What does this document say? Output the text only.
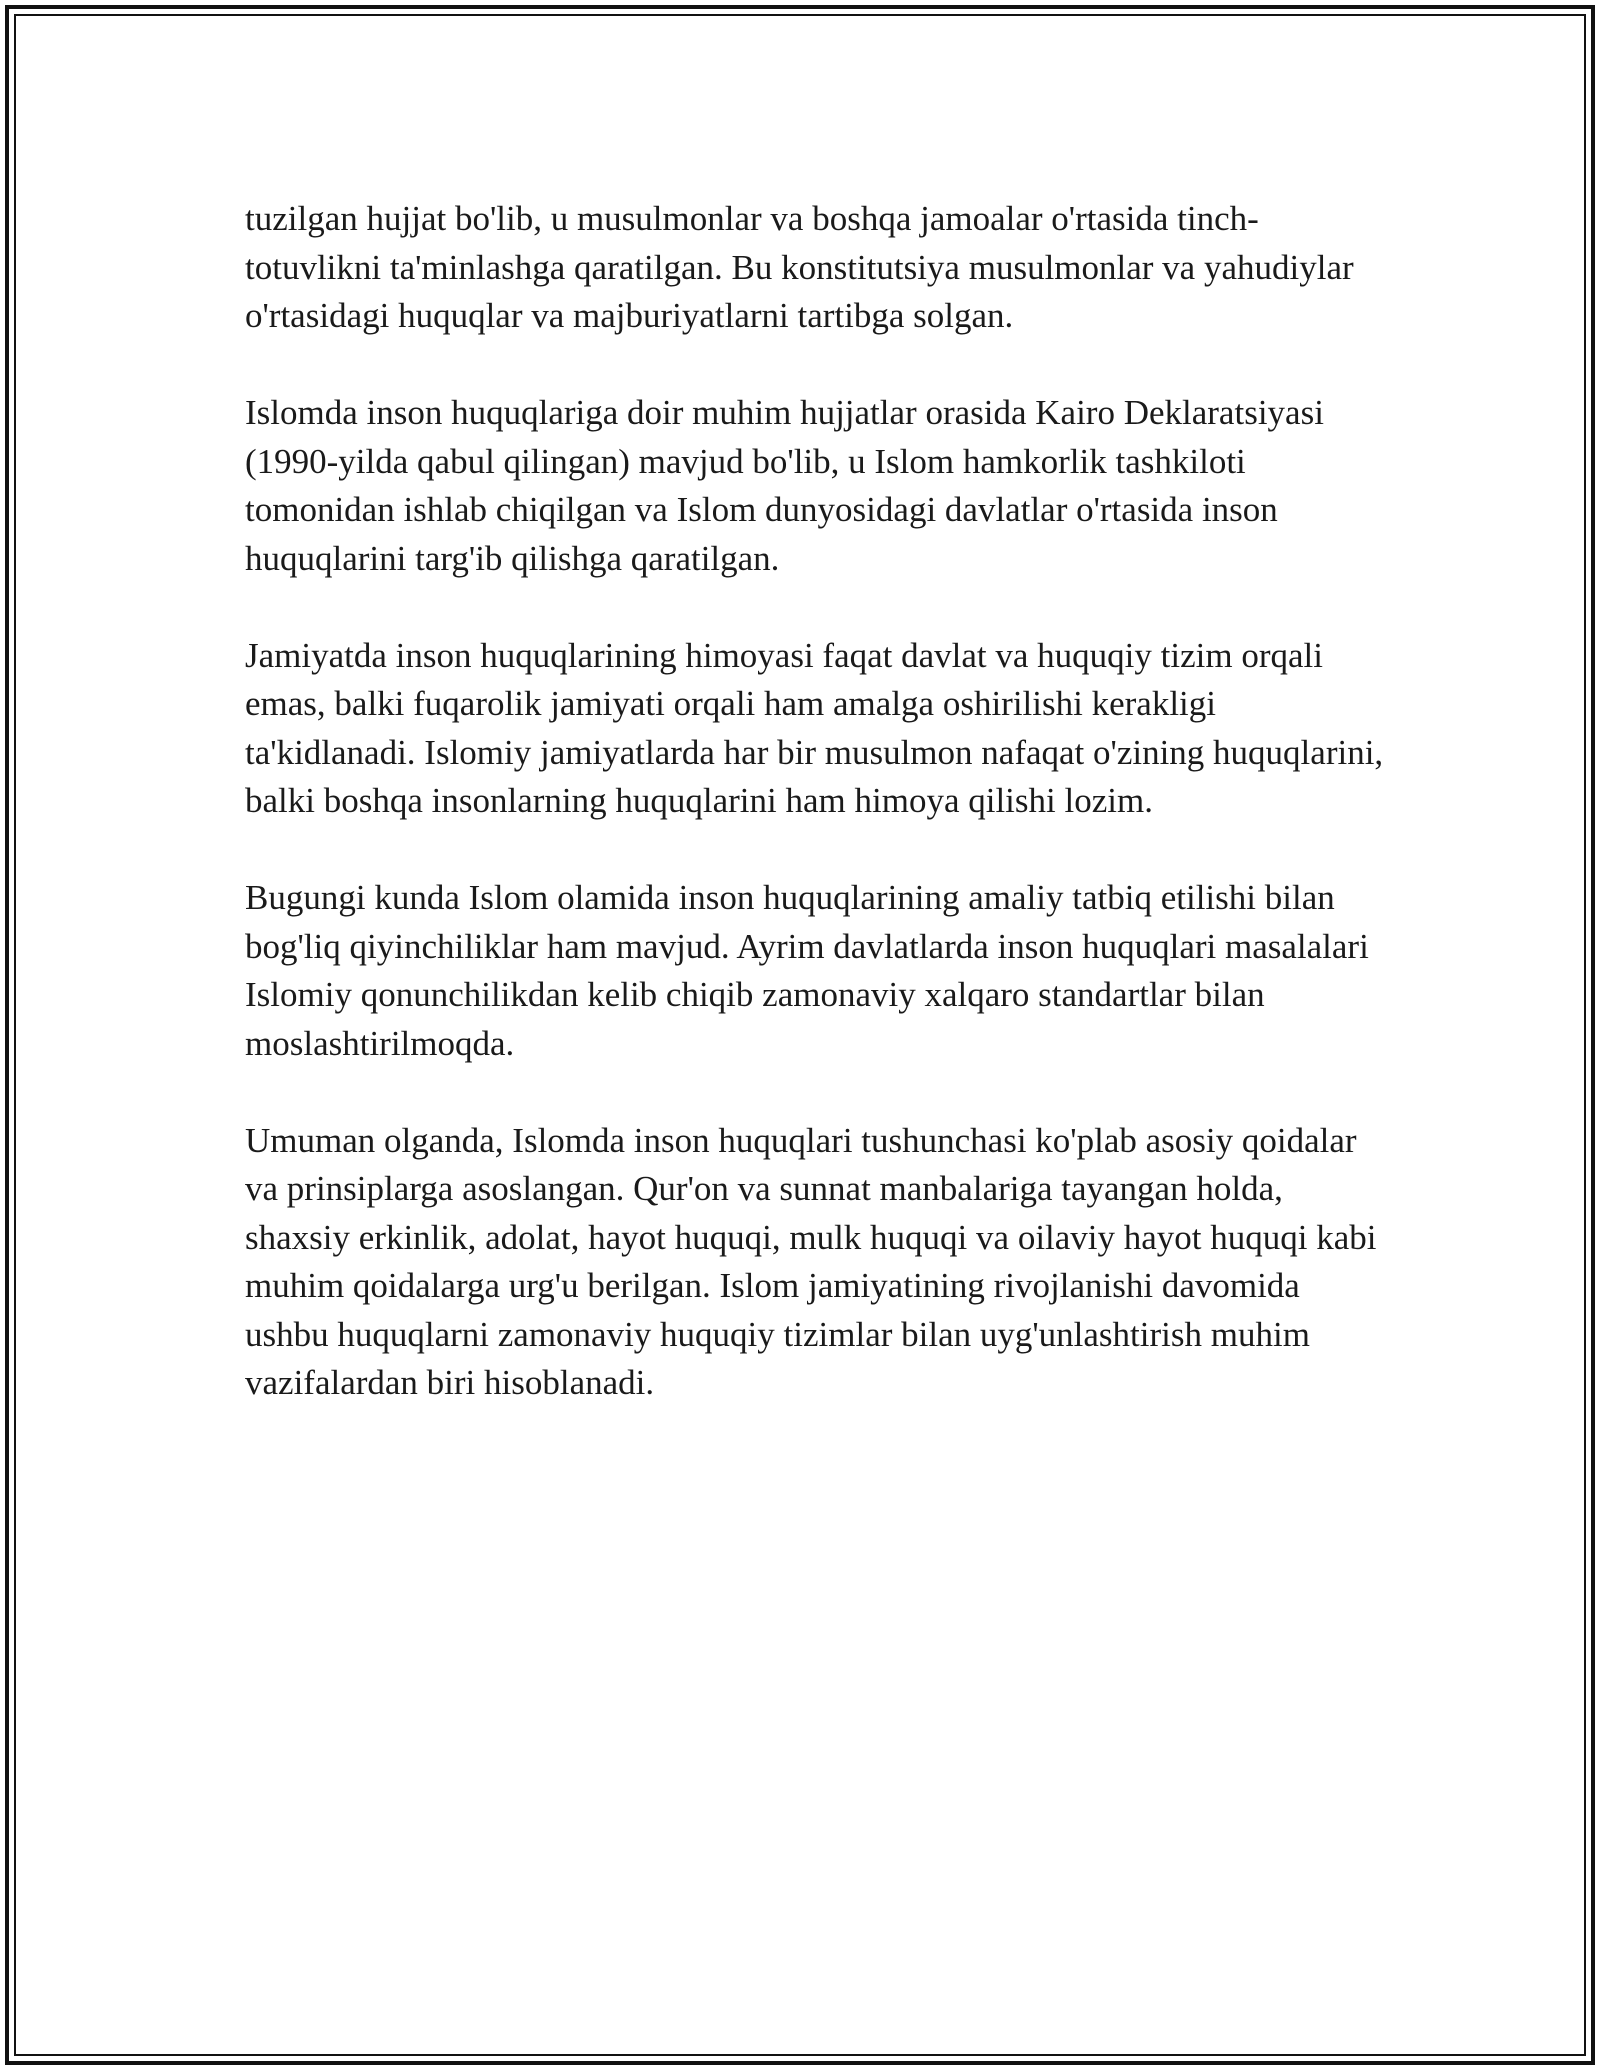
tuzilgan hujjat bo'lib, u musulmonlar va boshqa jamoalar o'rtasida tinch-totuvlikni ta'minlashga qaratilgan. Bu konstitutsiya musulmonlar va yahudiylar o'rtasidagi huquqlar va majburiyatlarni tartibga solgan.

Islomda inson huquqlariga doir muhim hujjatlar orasida Kairo Deklaratsiyasi (1990-yilda qabul qilingan) mavjud bo'lib, u Islom hamkorlik tashkiloti tomonidan ishlab chiqilgan va Islom dunyosidagi davlatlar o'rtasida inson huquqlarini targ'ib qilishga qaratilgan.

Jamiyatda inson huquqlarining himoyasi faqat davlat va huquqiy tizim orqali emas, balki fuqarolik jamiyati orqali ham amalga oshirilishi kerakligi ta'kidlanadi. Islomiy jamiyatlarda har bir musulmon nafaqat o'zining huquqlarini, balki boshqa insonlarning huquqlarini ham himoya qilishi lozim.

Bugungi kunda Islom olamida inson huquqlarining amaliy tatbiq etilishi bilan bog'liq qiyinchiliklar ham mavjud. Ayrim davlatlarda inson huquqlari masalalari Islomiy qonunchilikdan kelib chiqib zamonaviy xalqaro standartlar bilan moslashtirilmoqda.

Umuman olganda, Islomda inson huquqlari tushunchasi ko'plab asosiy qoidalar va prinsiplarga asoslangan. Qur'on va sunnat manbalariga tayangan holda, shaxsiy erkinlik, adolat, hayot huquqi, mulk huquqi va oilaviy hayot huquqi kabi muhim qoidalarga urg'u berilgan. Islom jamiyatining rivojlanishi davomida ushbu huquqlarni zamonaviy huquqiy tizimlar bilan uyg'unlashtirish muhim vazifalardan biri hisoblanadi.
